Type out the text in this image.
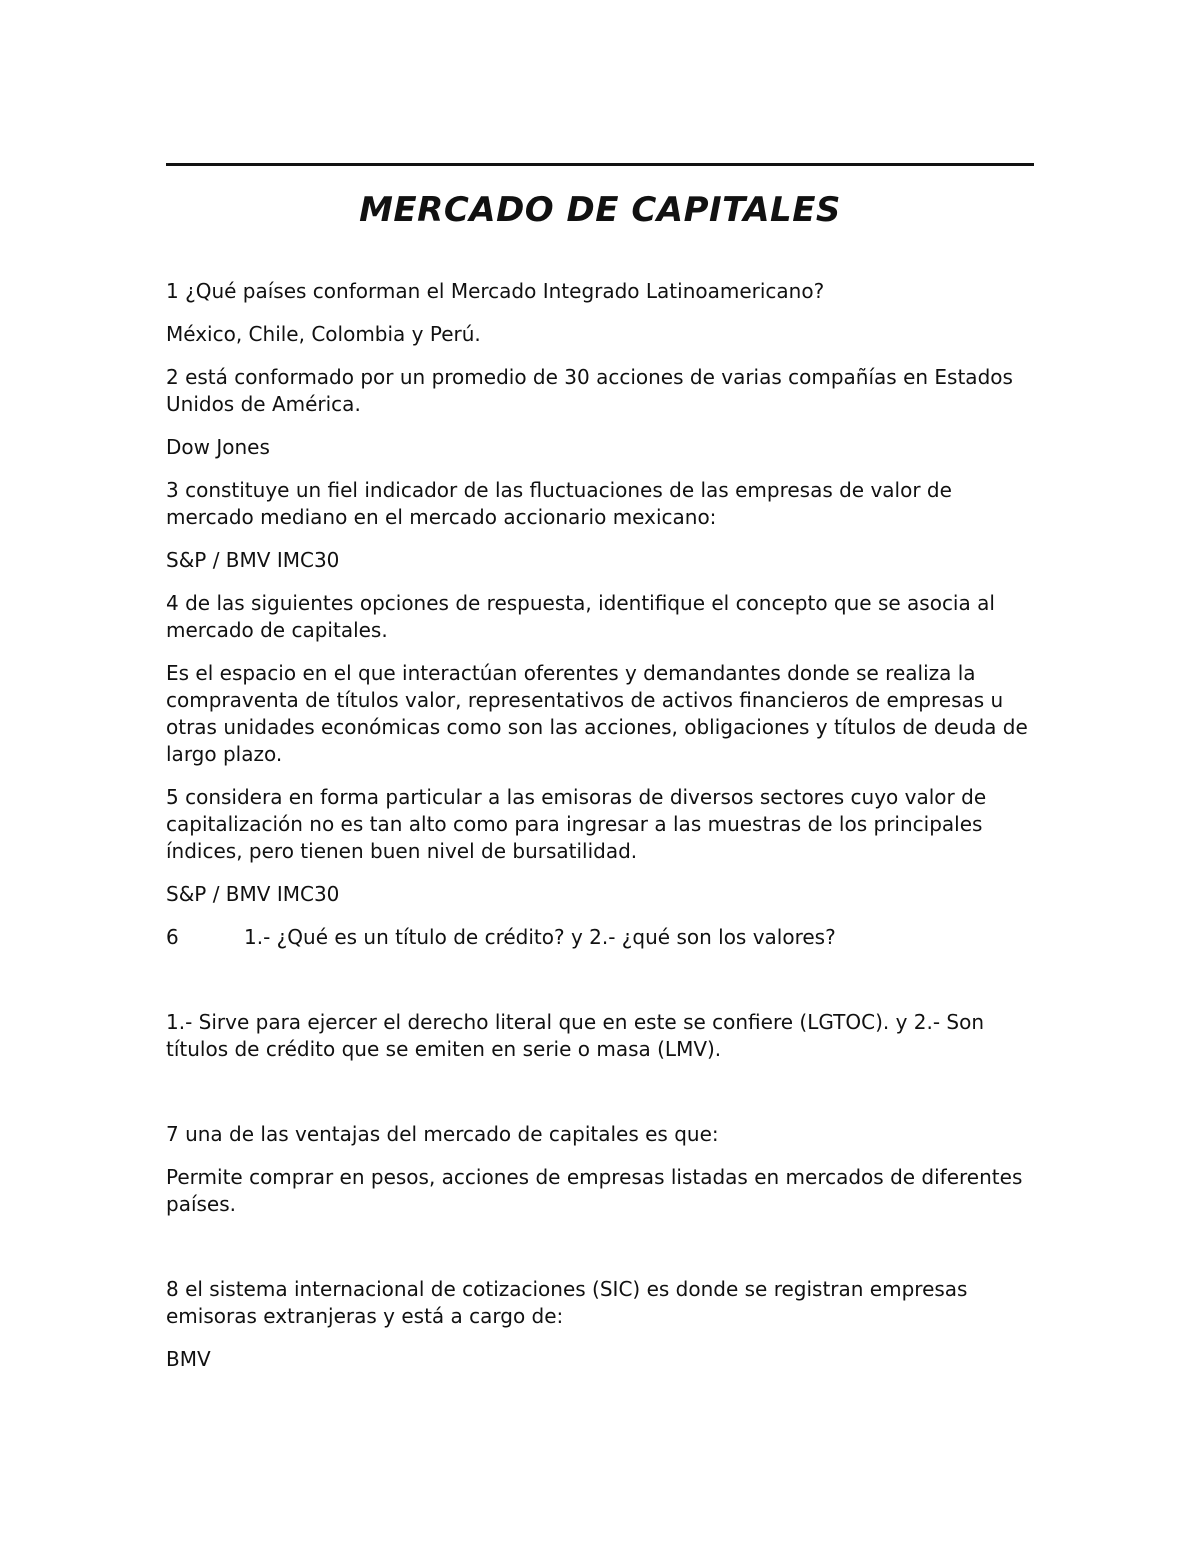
MERCADO DE CAPITALES

1 ¿Qué países conforman el Mercado Integrado Latinoamericano?

México, Chile, Colombia y Perú.

2 está conformado por un promedio de 30 acciones de varias compañías en Estados Unidos de América.

Dow Jones

3 constituye un fiel indicador de las fluctuaciones de las empresas de valor de mercado mediano en el mercado accionario mexicano:

S&P / BMV IMC30

4 de las siguientes opciones de respuesta, identifique el concepto que se asocia al mercado de capitales.

Es el espacio en el que interactúan oferentes y demandantes donde se realiza la compraventa de títulos valor, representativos de activos financieros de empresas u otras unidades económicas como son las acciones, obligaciones y títulos de deuda de largo plazo.

5 considera en forma particular a las emisoras de diversos sectores cuyo valor de capitalización no es tan alto como para ingresar a las muestras de los principales índices, pero tienen buen nivel de bursatilidad.

S&P / BMV IMC30

6	1.- ¿Qué es un título de crédito? y 2.- ¿qué son los valores?

1.- Sirve para ejercer el derecho literal que en este se confiere (LGTOC). y 2.- Son títulos de crédito que se emiten en serie o masa (LMV).

7 una de las ventajas del mercado de capitales es que:

Permite comprar en pesos, acciones de empresas listadas en mercados de diferentes países.

8 el sistema internacional de cotizaciones (SIC) es donde se registran empresas emisoras extranjeras y está a cargo de:

BMV
